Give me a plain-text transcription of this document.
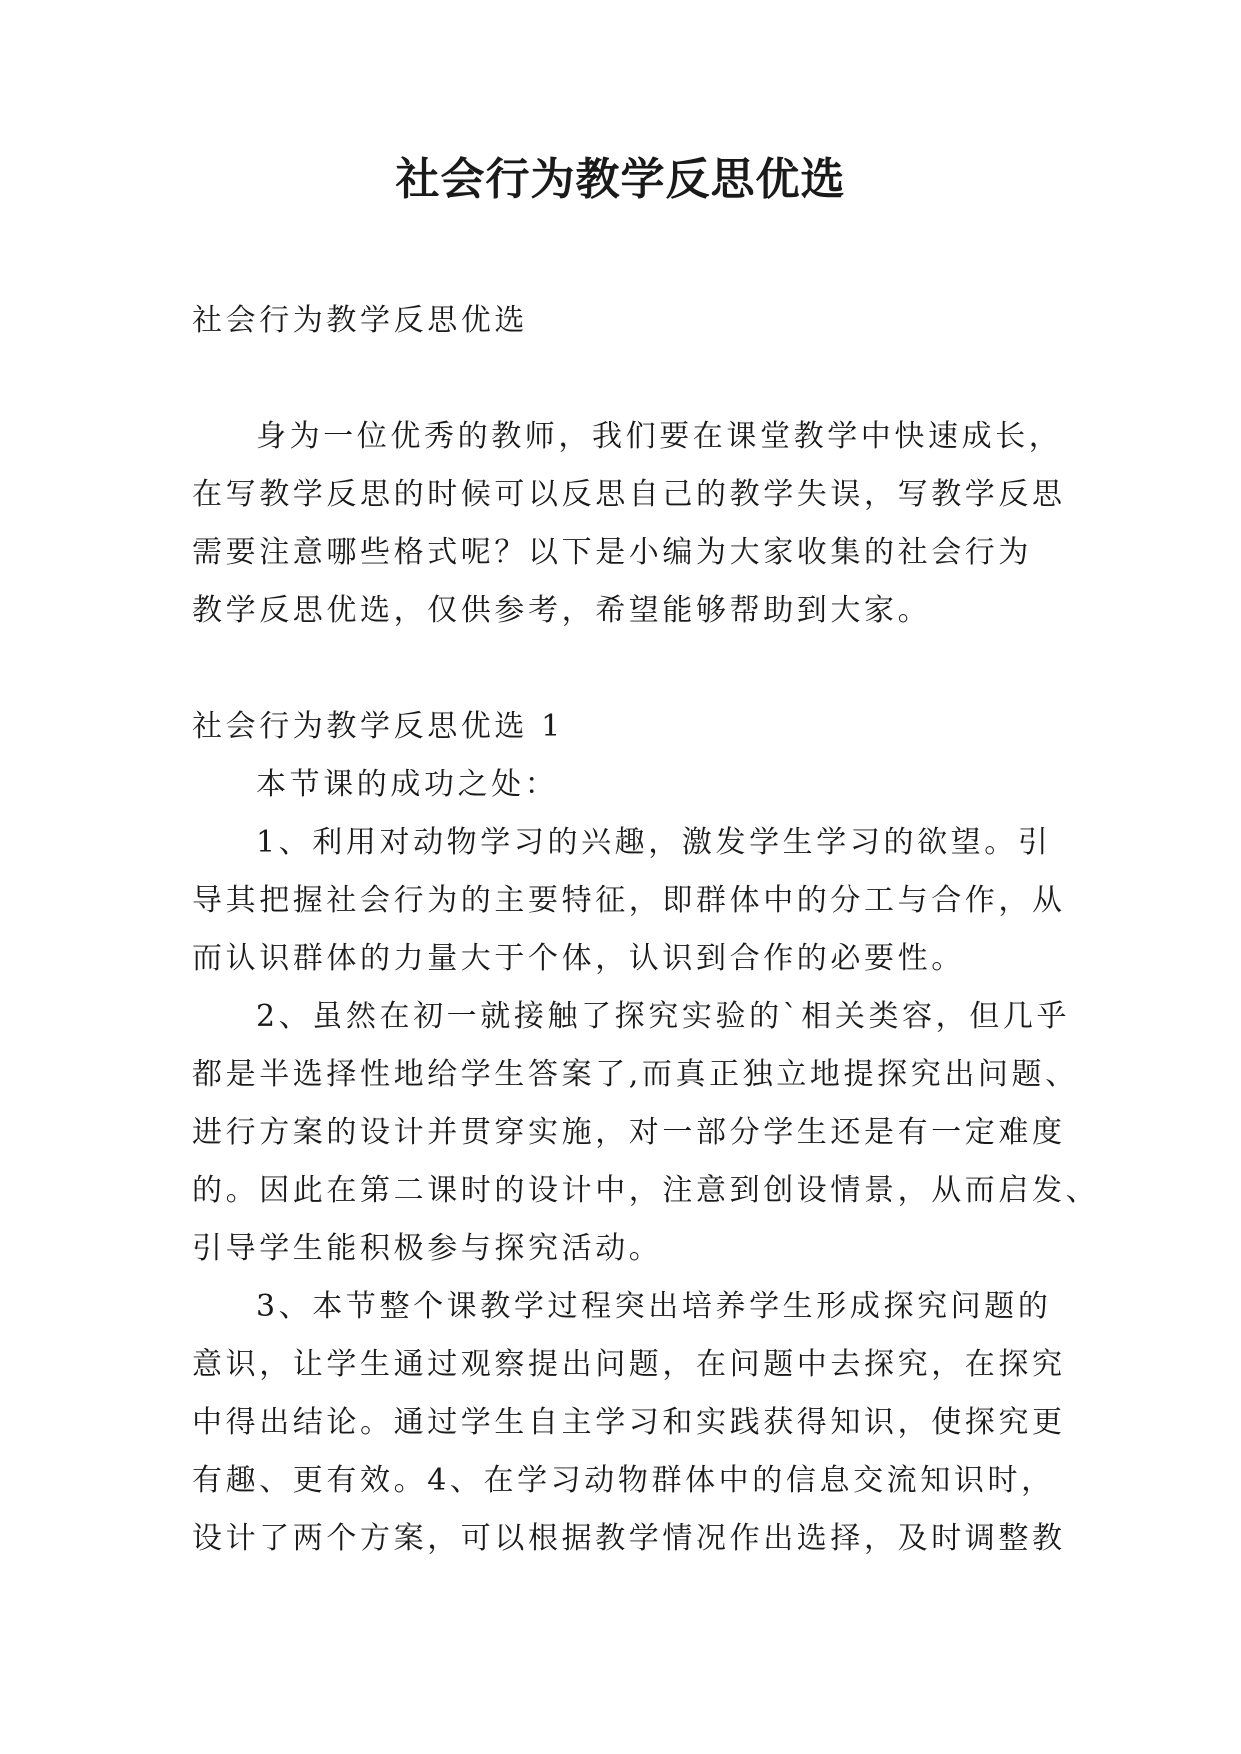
社会行为教学反思优选
社会行为教学反思优选
身为一位优秀的教师，我们要在课堂教学中快速成长，
在写教学反思的时候可以反思自己的教学失误，写教学反思
需要注意哪些格式呢？以下是小编为大家收集的社会行为
教学反思优选，仅供参考，希望能够帮助到大家。
社会行为教学反思优选 1
本节课的成功之处：
1、利用对动物学习的兴趣，激发学生学习的欲望。引
导其把握社会行为的主要特征，即群体中的分工与合作，从
而认识群体的力量大于个体，认识到合作的必要性。
2、虽然在初一就接触了探究实验的`相关类容，但几乎
都是半选择性地给学生答案了,而真正独立地提探究出问题、
进行方案的设计并贯穿实施，对一部分学生还是有一定难度
的。因此在第二课时的设计中，注意到创设情景，从而启发、
引导学生能积极参与探究活动。
3、本节整个课教学过程突出培养学生形成探究问题的
意识，让学生通过观察提出问题，在问题中去探究，在探究
中得出结论。通过学生自主学习和实践获得知识，使探究更
有趣、更有效。4、在学习动物群体中的信息交流知识时，
设计了两个方案，可以根据教学情况作出选择，及时调整教
